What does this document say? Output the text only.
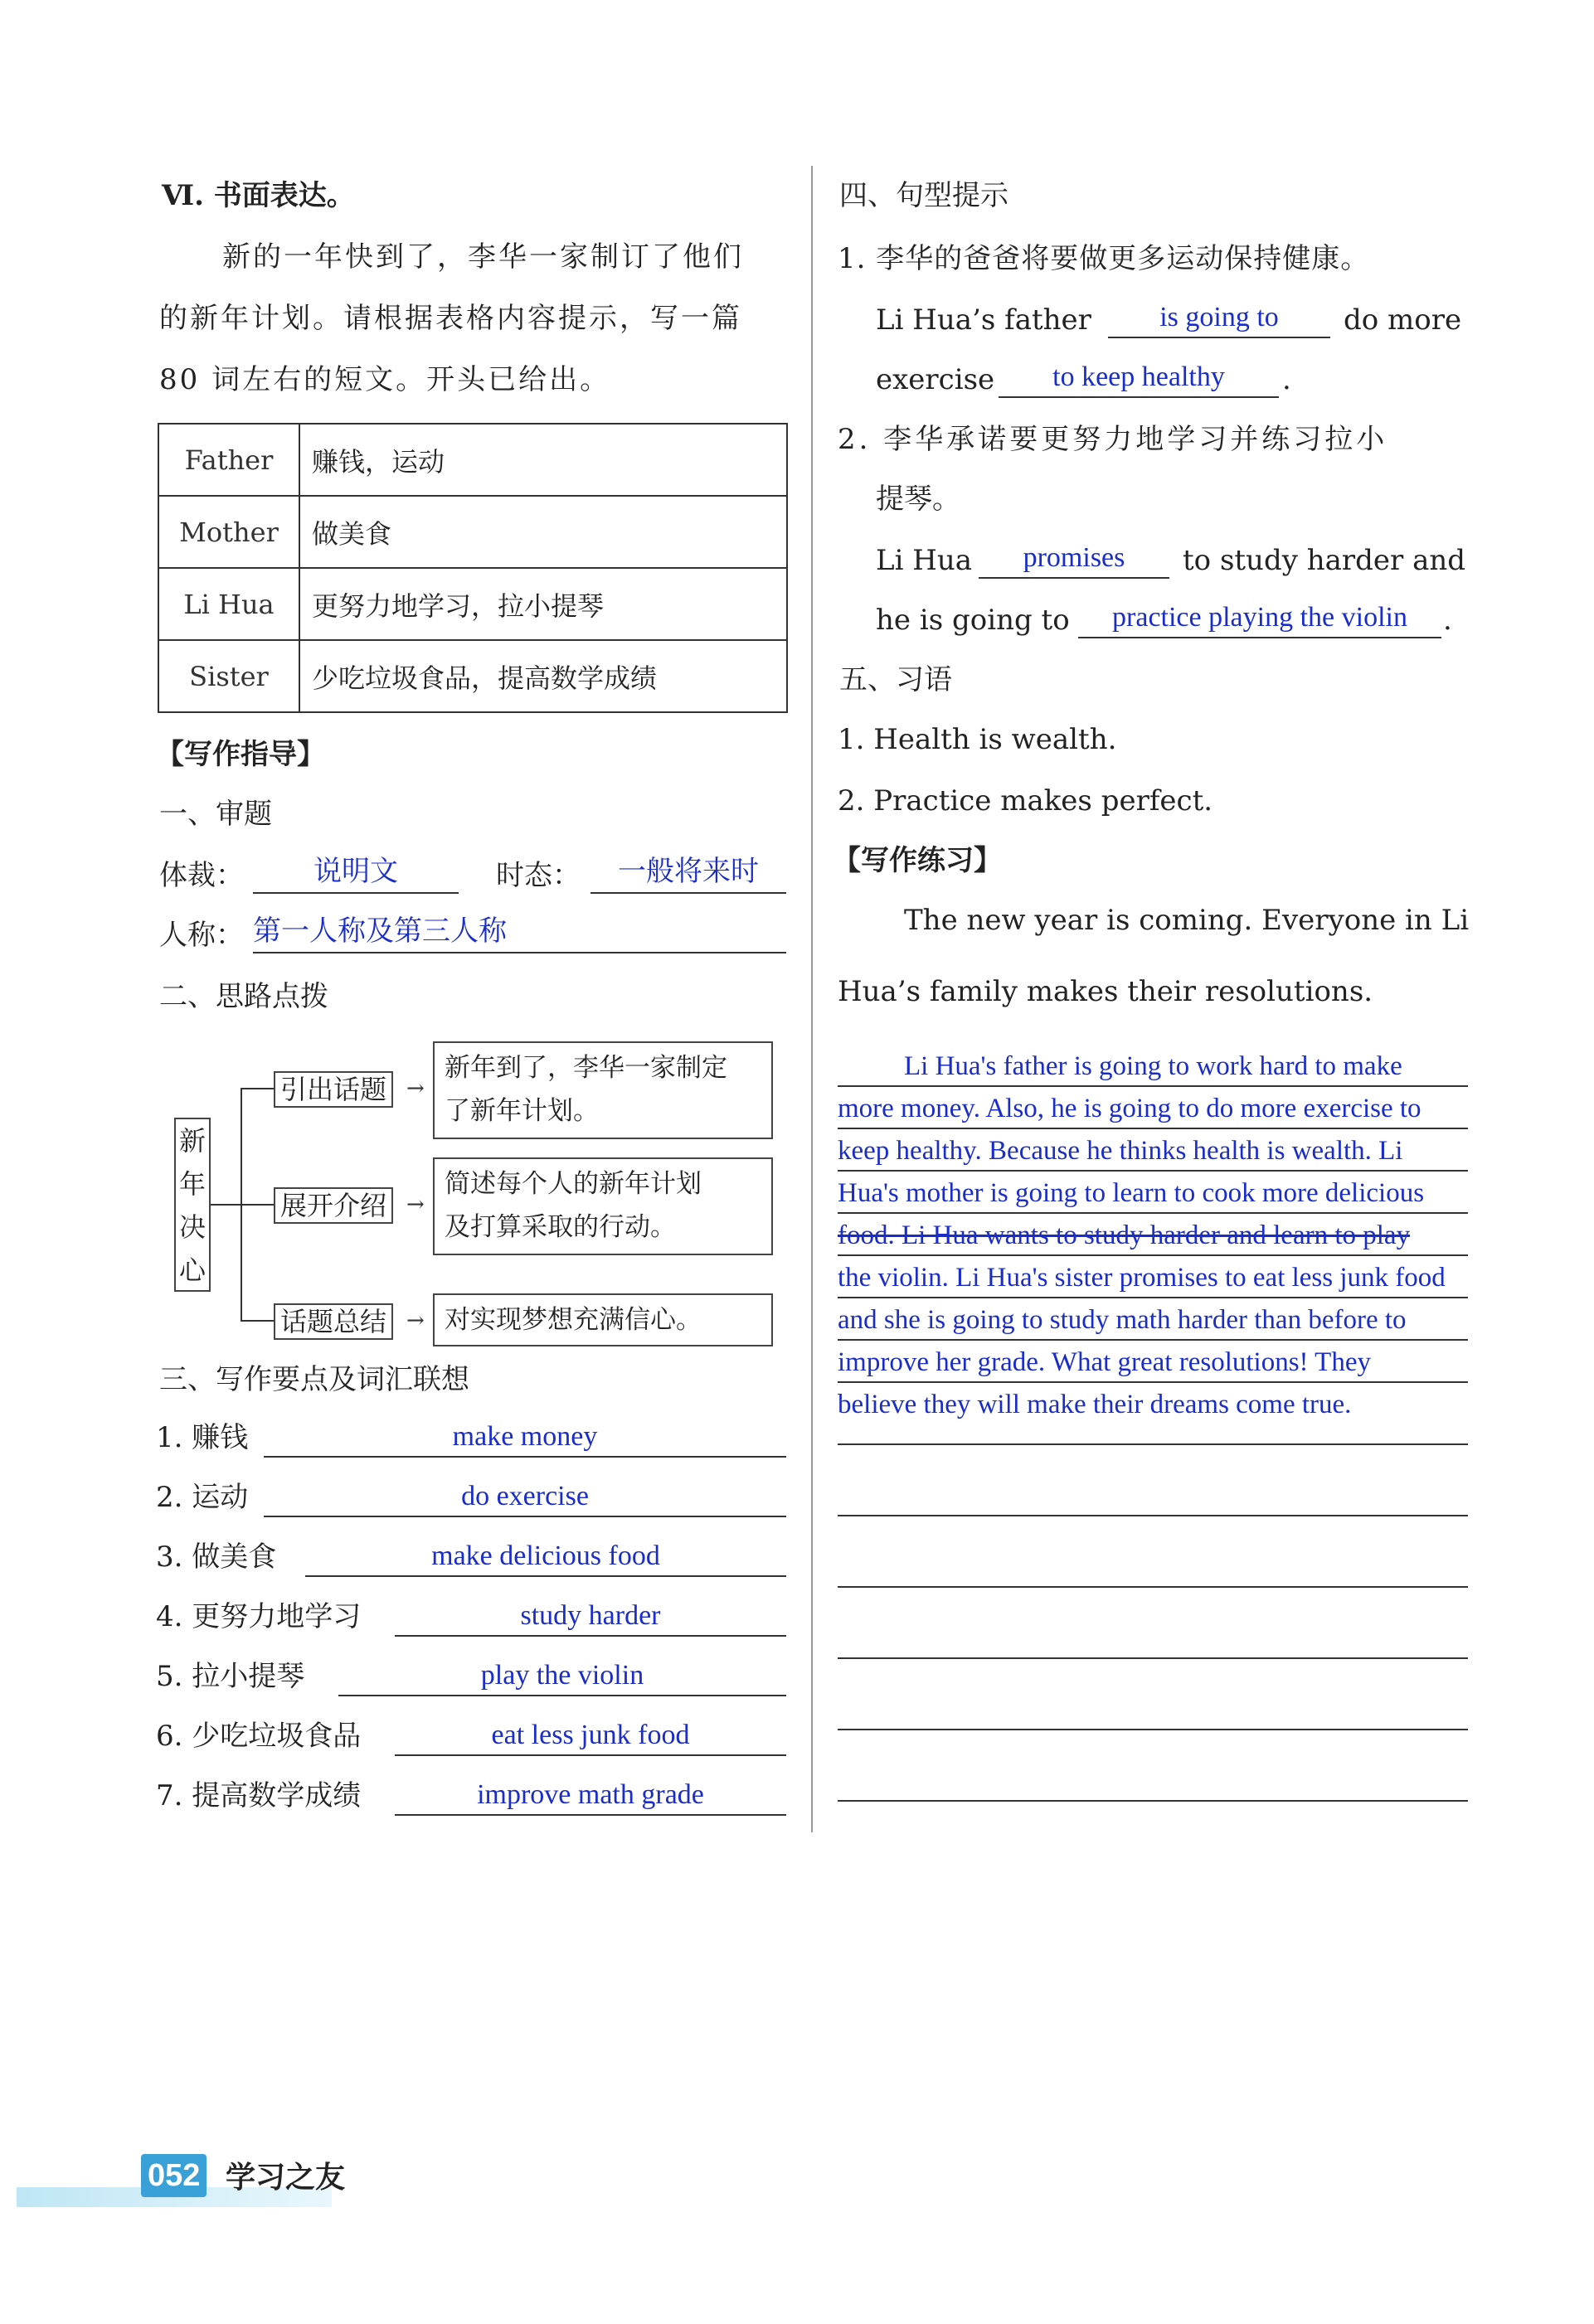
Ⅵ. 书面表达。
新的一年快到了，李华一家制订了他们
的新年计划。请根据表格内容提示，写一篇
80 词左右的短文。开头已给出。
Father	赚钱，运动
Mother	做美食
Li Hua	更努力地学习，拉小提琴
Sister	少吃垃圾食品，提高数学成绩
【写作指导】
一、审题
体裁：	说明文	时态：	一般将来时
人称： 第一人称及第三人称
二、思路点拨
新
年
决
心
引出话题
展开介绍
话题总结
→
→
→
新年到了，李华一家制定
了新年计划。
简述每个人的新年计划
及打算采取的行动。
对实现梦想充满信心。
三、写作要点及词汇联想
1. 赚钱	make money
2. 运动	do exercise
3. 做美食	make delicious food
4. 更努力地学习	study harder
5. 拉小提琴	play the violin
6. 少吃垃圾食品	eat less junk food
7. 提高数学成绩	improve math grade
四、句型提示
1. 李华的爸爸将要做更多运动保持健康。
Li Hua’s father	is going to	do more
exercise	to keep healthy	.
2. 李华承诺要更努力地学习并练习拉小
提琴。
Li Hua	promises	to study harder and
he is going to	practice playing the violin	.
五、习语
1. Health is wealth.
2. Practice makes perfect.
【写作练习】
The new year is coming. Everyone in Li
Hua’s family makes their resolutions.
Li Hua's father is going to work hard to make
more money. Also, he is going to do more exercise to
keep healthy. Because he thinks health is wealth. Li
Hua's mother is going to learn to cook more delicious
food. Li Hua wants to study harder and learn to play
the violin. Li Hua's sister promises to eat less junk food
and she is going to study math harder than before to
improve her grade. What great resolutions! They
believe they will make their dreams come true.
052 学习之友
